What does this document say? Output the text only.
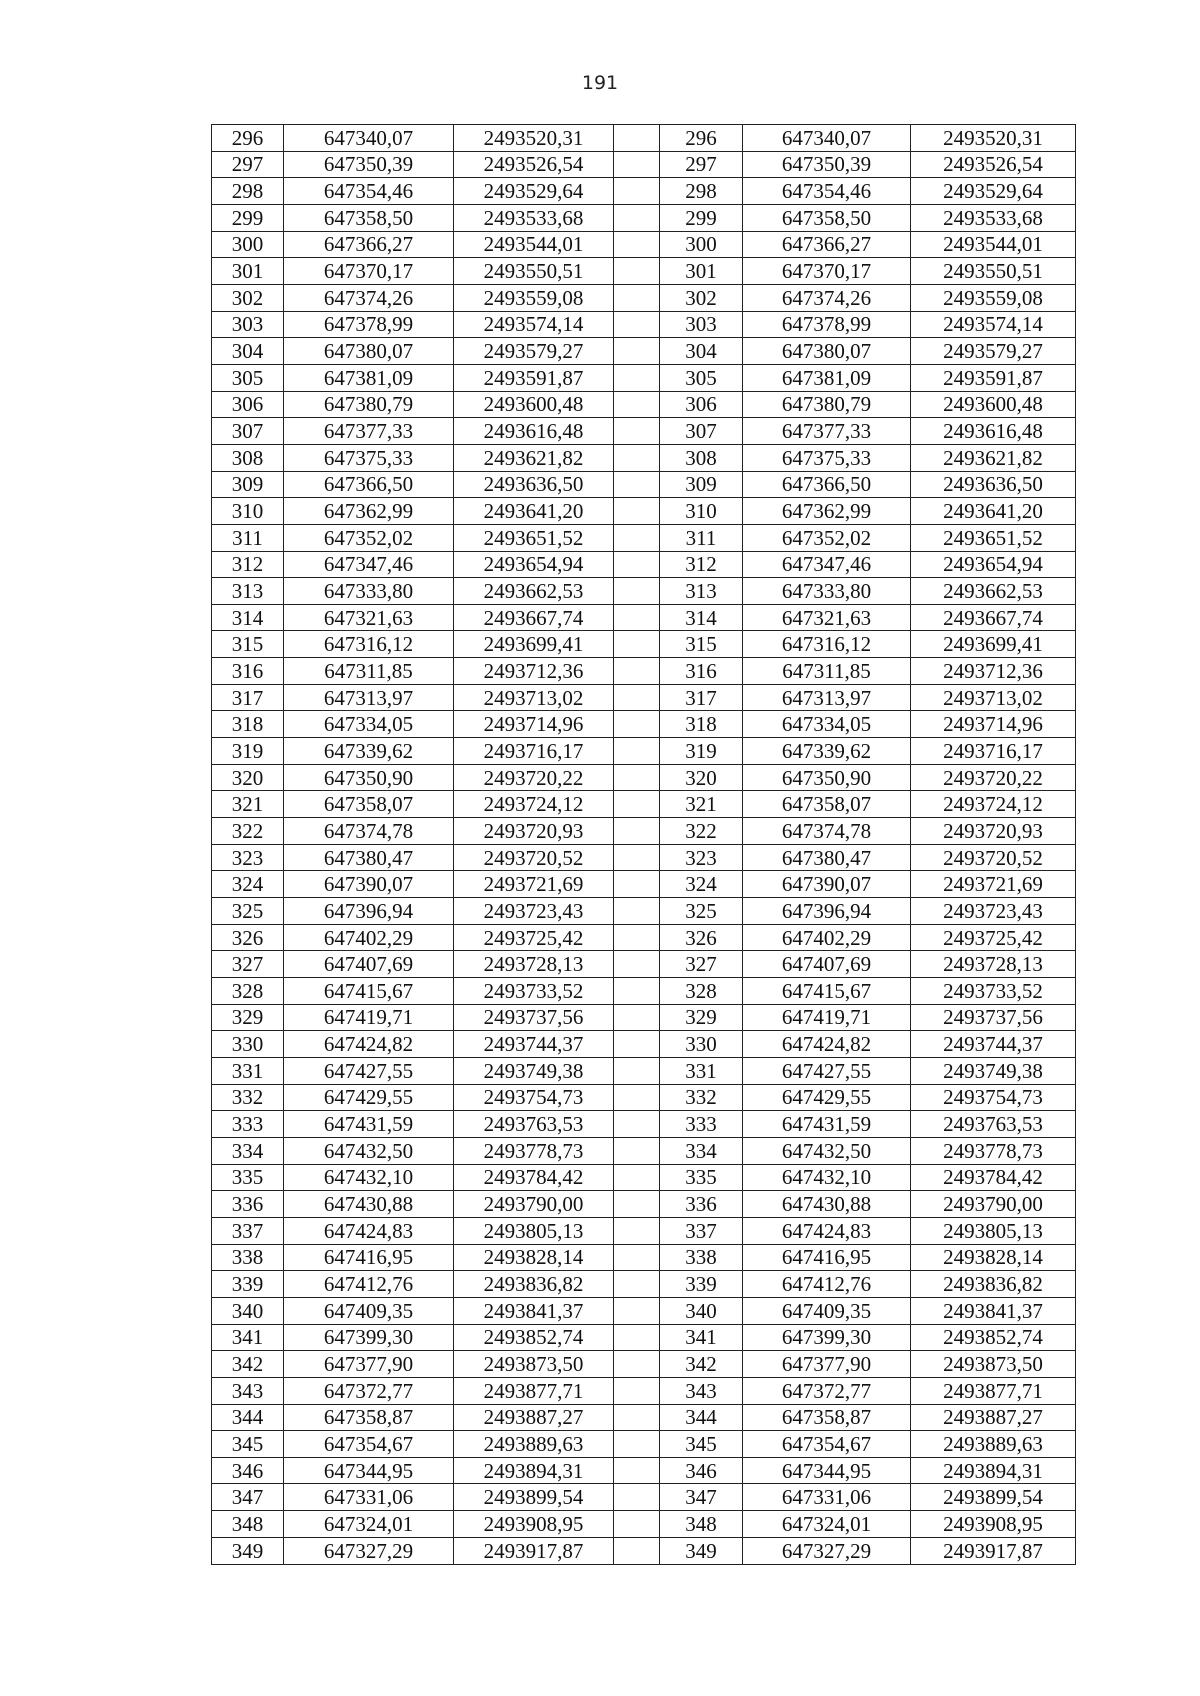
191
296	647340,07	2493520,31		296	647340,07	2493520,31
297	647350,39	2493526,54		297	647350,39	2493526,54
298	647354,46	2493529,64		298	647354,46	2493529,64
299	647358,50	2493533,68		299	647358,50	2493533,68
300	647366,27	2493544,01		300	647366,27	2493544,01
301	647370,17	2493550,51		301	647370,17	2493550,51
302	647374,26	2493559,08		302	647374,26	2493559,08
303	647378,99	2493574,14		303	647378,99	2493574,14
304	647380,07	2493579,27		304	647380,07	2493579,27
305	647381,09	2493591,87		305	647381,09	2493591,87
306	647380,79	2493600,48		306	647380,79	2493600,48
307	647377,33	2493616,48		307	647377,33	2493616,48
308	647375,33	2493621,82		308	647375,33	2493621,82
309	647366,50	2493636,50		309	647366,50	2493636,50
310	647362,99	2493641,20		310	647362,99	2493641,20
311	647352,02	2493651,52		311	647352,02	2493651,52
312	647347,46	2493654,94		312	647347,46	2493654,94
313	647333,80	2493662,53		313	647333,80	2493662,53
314	647321,63	2493667,74		314	647321,63	2493667,74
315	647316,12	2493699,41		315	647316,12	2493699,41
316	647311,85	2493712,36		316	647311,85	2493712,36
317	647313,97	2493713,02		317	647313,97	2493713,02
318	647334,05	2493714,96		318	647334,05	2493714,96
319	647339,62	2493716,17		319	647339,62	2493716,17
320	647350,90	2493720,22		320	647350,90	2493720,22
321	647358,07	2493724,12		321	647358,07	2493724,12
322	647374,78	2493720,93		322	647374,78	2493720,93
323	647380,47	2493720,52		323	647380,47	2493720,52
324	647390,07	2493721,69		324	647390,07	2493721,69
325	647396,94	2493723,43		325	647396,94	2493723,43
326	647402,29	2493725,42		326	647402,29	2493725,42
327	647407,69	2493728,13		327	647407,69	2493728,13
328	647415,67	2493733,52		328	647415,67	2493733,52
329	647419,71	2493737,56		329	647419,71	2493737,56
330	647424,82	2493744,37		330	647424,82	2493744,37
331	647427,55	2493749,38		331	647427,55	2493749,38
332	647429,55	2493754,73		332	647429,55	2493754,73
333	647431,59	2493763,53		333	647431,59	2493763,53
334	647432,50	2493778,73		334	647432,50	2493778,73
335	647432,10	2493784,42		335	647432,10	2493784,42
336	647430,88	2493790,00		336	647430,88	2493790,00
337	647424,83	2493805,13		337	647424,83	2493805,13
338	647416,95	2493828,14		338	647416,95	2493828,14
339	647412,76	2493836,82		339	647412,76	2493836,82
340	647409,35	2493841,37		340	647409,35	2493841,37
341	647399,30	2493852,74		341	647399,30	2493852,74
342	647377,90	2493873,50		342	647377,90	2493873,50
343	647372,77	2493877,71		343	647372,77	2493877,71
344	647358,87	2493887,27		344	647358,87	2493887,27
345	647354,67	2493889,63		345	647354,67	2493889,63
346	647344,95	2493894,31		346	647344,95	2493894,31
347	647331,06	2493899,54		347	647331,06	2493899,54
348	647324,01	2493908,95		348	647324,01	2493908,95
349	647327,29	2493917,87		349	647327,29	2493917,87
